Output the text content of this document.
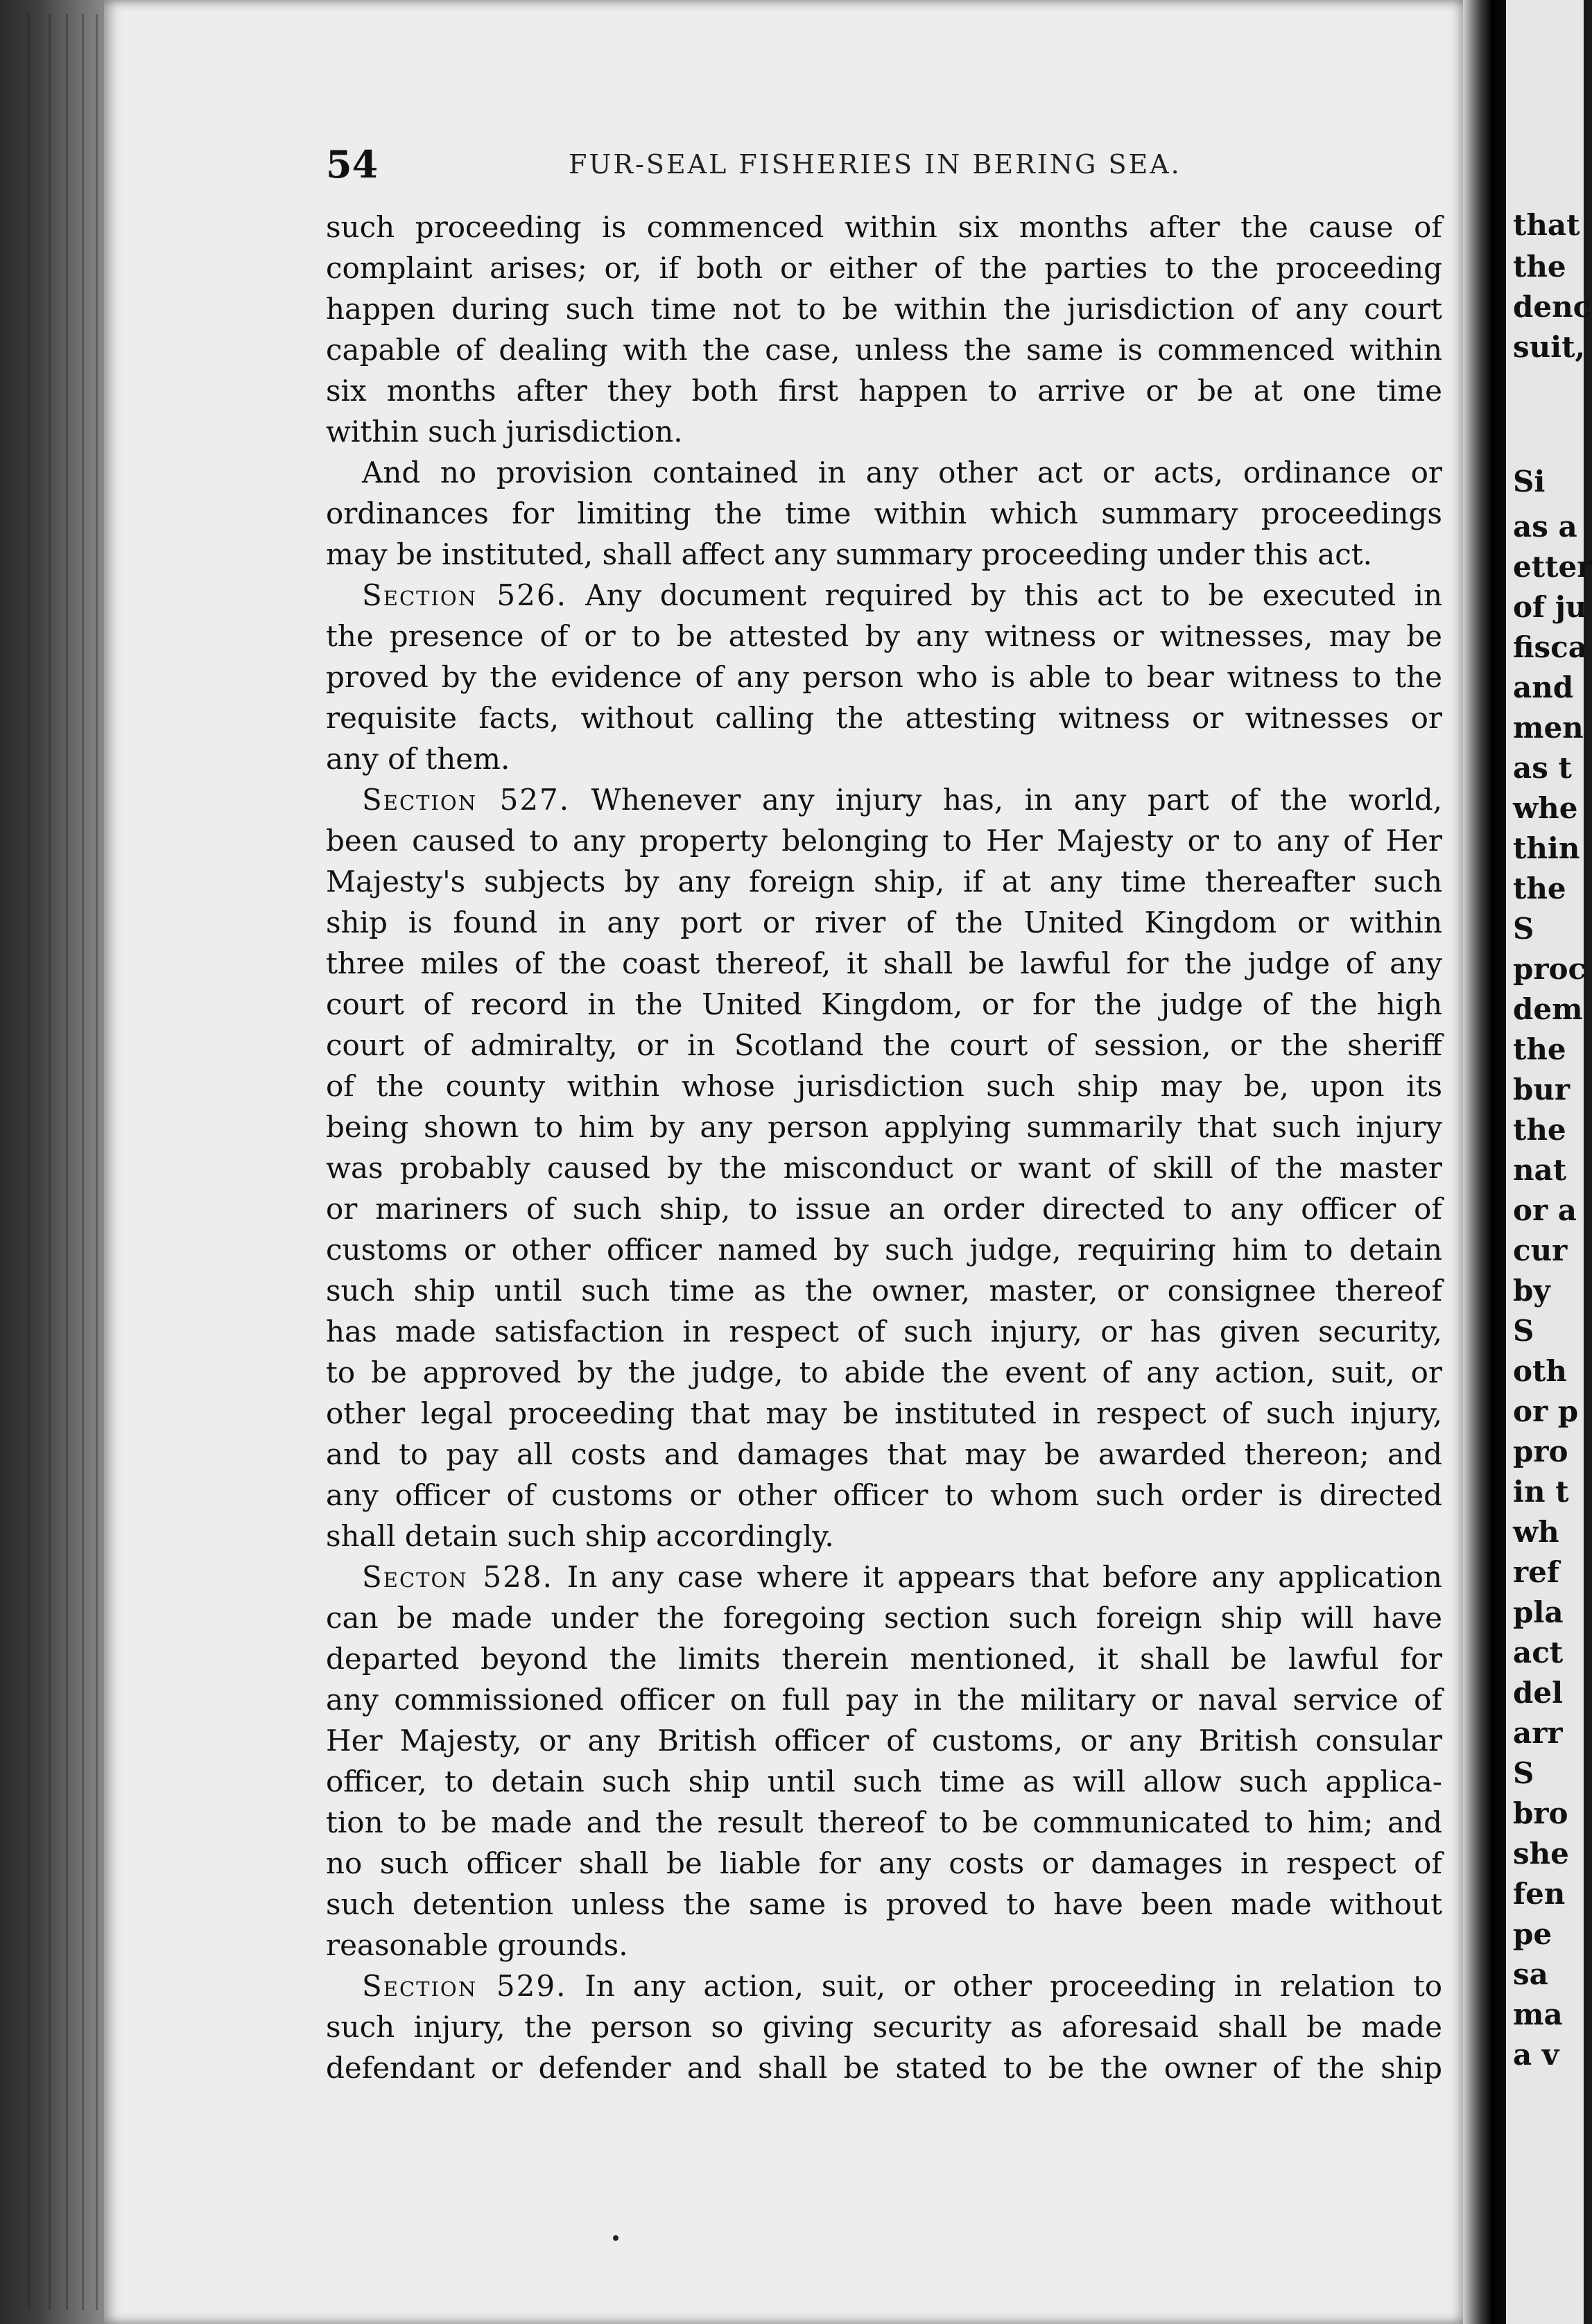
54	FUR-SEAL FISHERIES IN BERING SEA.
such proceeding is commenced within six months after the cause of
complaint arises; or, if both or either of the parties to the proceeding
happen during such time not to be within the jurisdiction of any court
capable of dealing with the case, unless the same is commenced within
six months after they both first happen to arrive or be at one time
within such jurisdiction.
And no provision contained in any other act or acts, ordinance or
ordinances for limiting the time within which summary proceedings
may be instituted, shall affect any summary proceeding under this act.
Section 526. Any document required by this act to be executed in
the presence of or to be attested by any witness or witnesses, may be
proved by the evidence of any person who is able to bear witness to the
requisite facts, without calling the attesting witness or witnesses or
any of them.
Section 527. Whenever any injury has, in any part of the world,
been caused to any property belonging to Her Majesty or to any of Her
Majesty's subjects by any foreign ship, if at any time thereafter such
ship is found in any port or river of the United Kingdom or within
three miles of the coast thereof, it shall be lawful for the judge of any
court of record in the United Kingdom, or for the judge of the high
court of admiralty, or in Scotland the court of session, or the sheriff
of the county within whose jurisdiction such ship may be, upon its
being shown to him by any person applying summarily that such injury
was probably caused by the misconduct or want of skill of the master
or mariners of such ship, to issue an order directed to any officer of
customs or other officer named by such judge, requiring him to detain
such ship until such time as the owner, master, or consignee thereof
has made satisfaction in respect of such injury, or has given security,
to be approved by the judge, to abide the event of any action, suit, or
other legal proceeding that may be instituted in respect of such injury,
and to pay all costs and damages that may be awarded thereon; and
any officer of customs or other officer to whom such order is directed
shall detain such ship accordingly.
Secton 528. In any case where it appears that before any application
can be made under the foregoing section such foreign ship will have
departed beyond the limits therein mentioned, it shall be lawful for
any commissioned officer on full pay in the military or naval service of
Her Majesty, or any British officer of customs, or any British consular
officer, to detain such ship until such time as will allow such applica-
tion to be made and the result thereof to be communicated to him; and
no such officer shall be liable for any costs or damages in respect of
such detention unless the same is proved to have been made without
reasonable grounds.
Section 529. In any action, suit, or other proceeding in relation to
such injury, the person so giving security as aforesaid shall be made
defendant or defender and shall be stated to be the owner of the ship
that
the
denc
suit,
Si
as a
etter
of ju
fisca
and
men
as t
whe
thin
the
S
proc
dem
the
bur
the
nat
or a
cur
by
S
oth
or p
pro
in t
wh
ref
pla
act
del
arr
S
bro
she
fen
pe
sa
ma
a v
